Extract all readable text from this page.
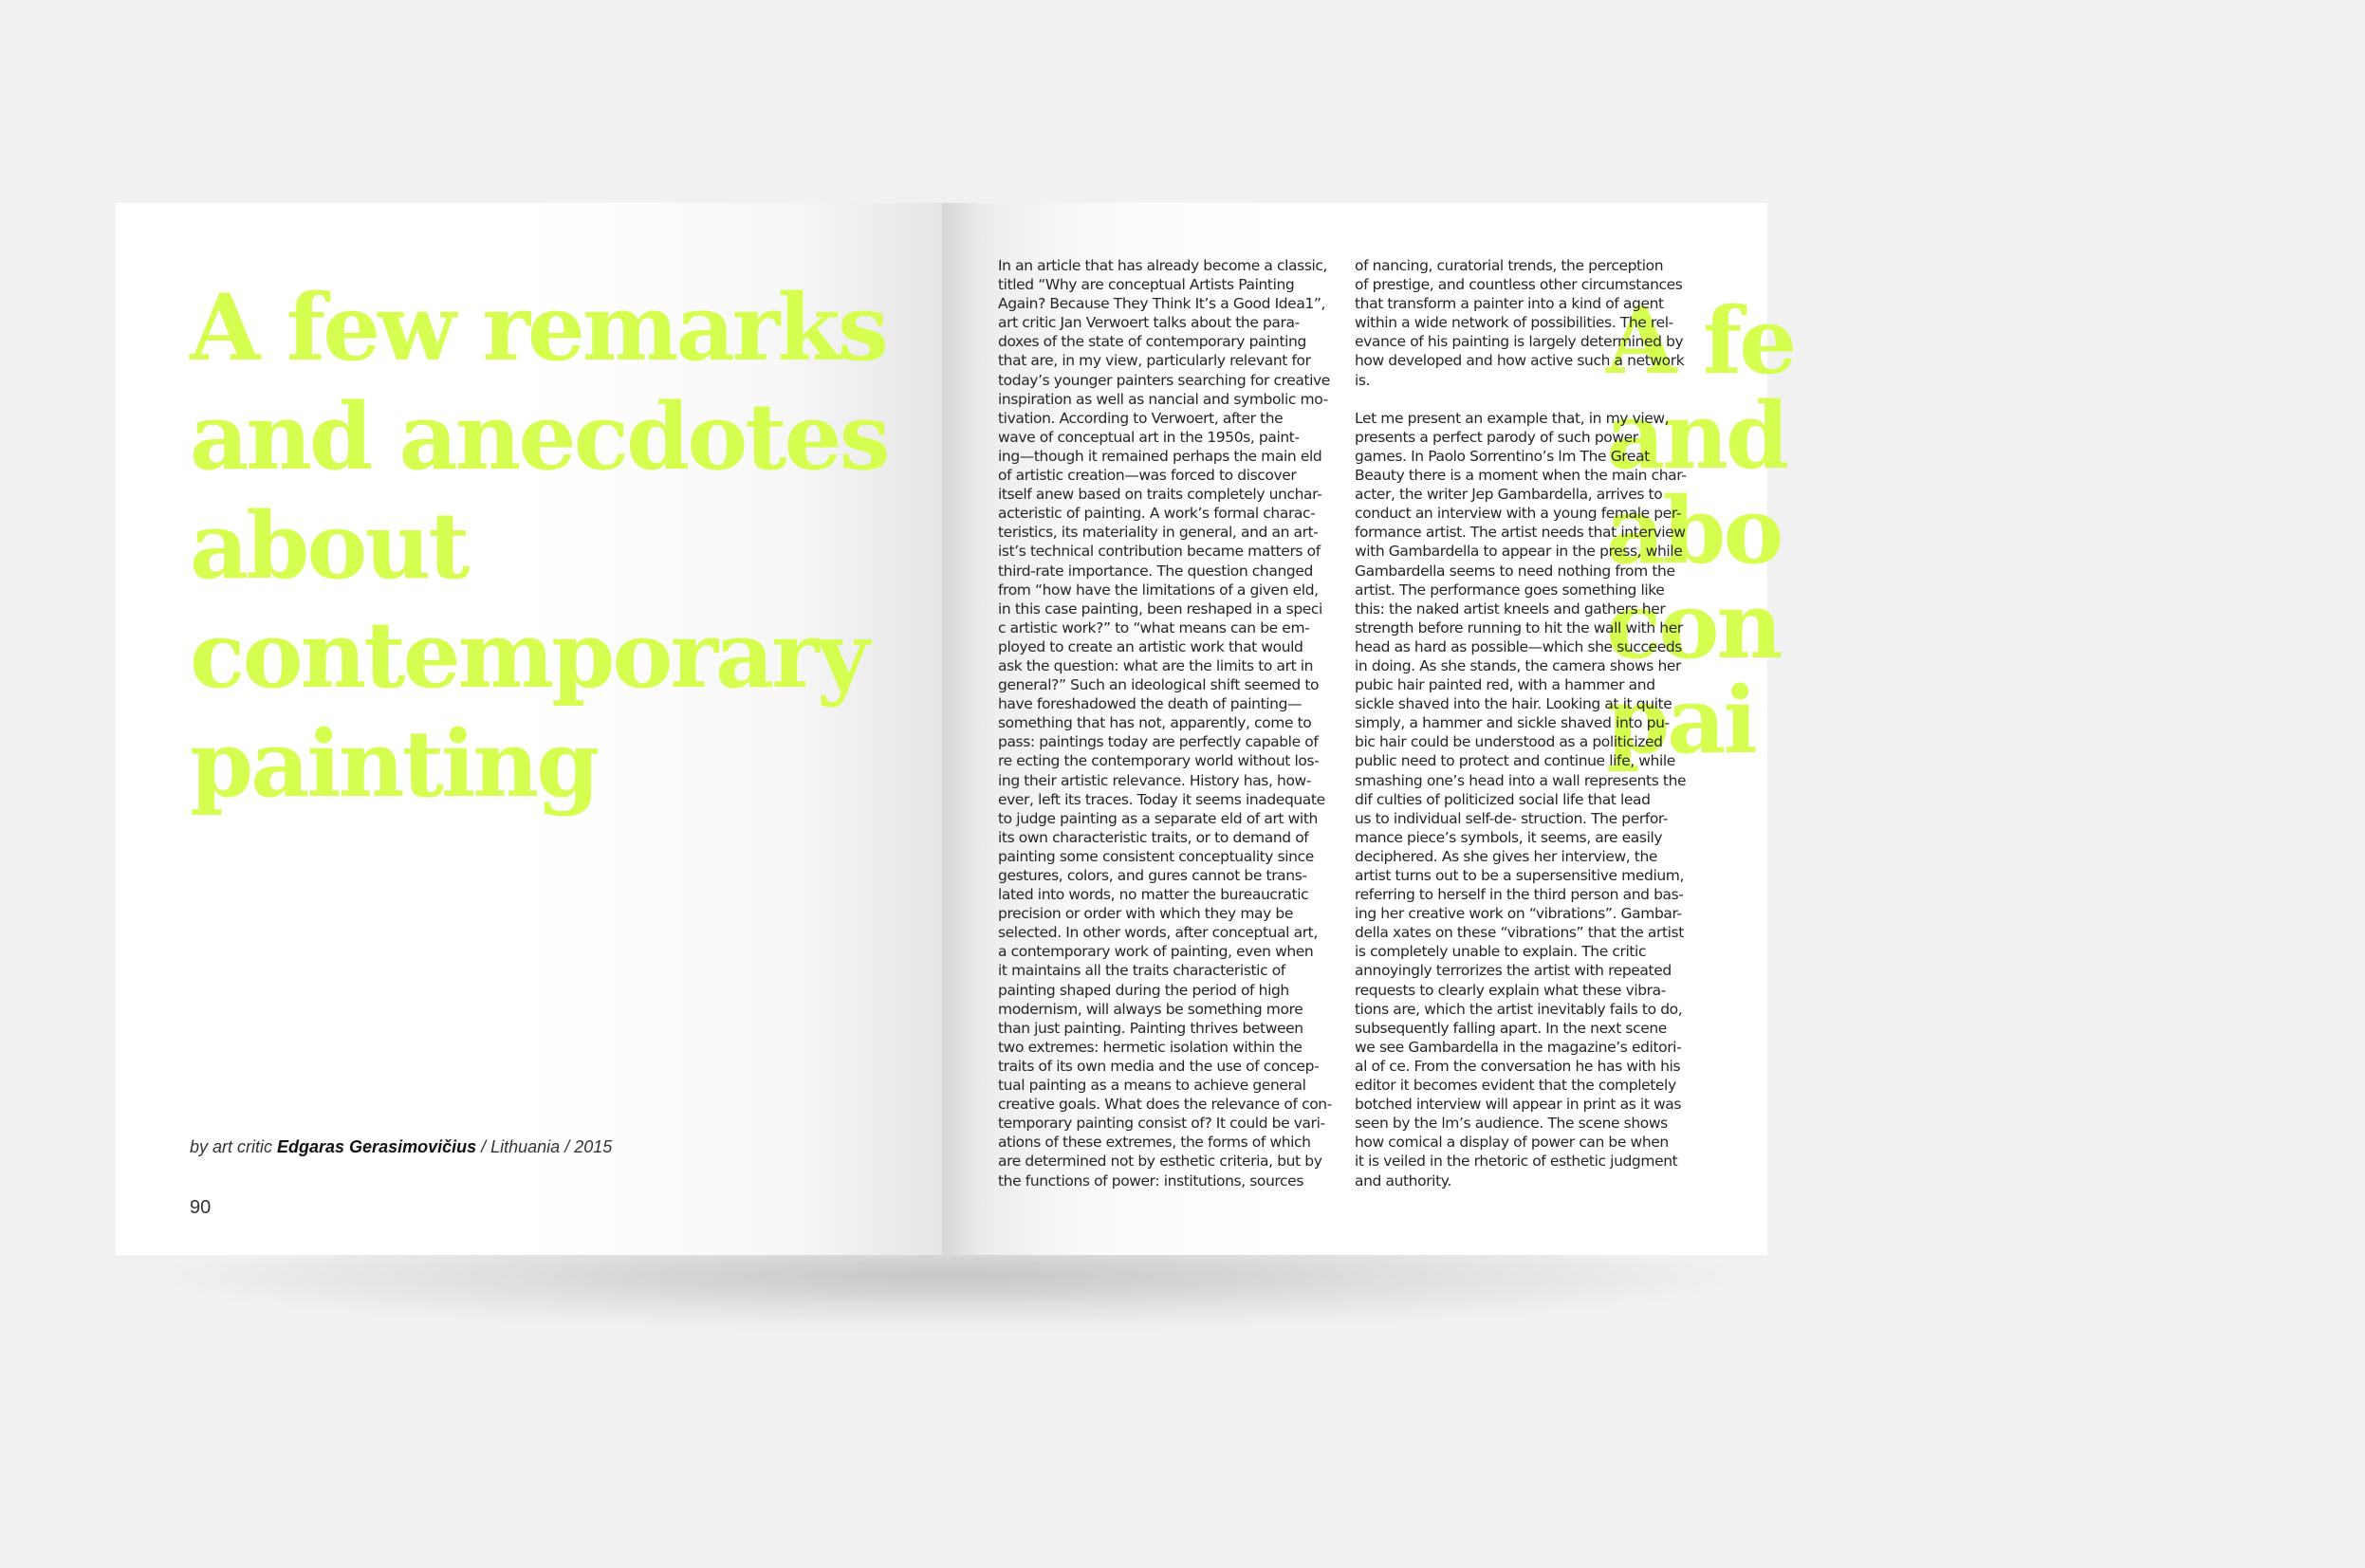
A few remarks
and anecdotes
about
contemporary
painting
by art critic Edgaras Gerasimovičius / Lithuania / 2015
90
A fe
and
abo
con
pai

In an article that has already become a classic,
titled “Why are conceptual Artists Painting
Again? Because They Think It’s a Good Idea1”,
art critic Jan Verwoert talks about the para-
doxes of the state of contemporary painting
that are, in my view, particularly relevant for
today’s younger painters searching for creative
inspiration as well as nancial and symbolic mo-
tivation. According to Verwoert, after the
wave of conceptual art in the 1950s, paint-
ing—though it remained perhaps the main eld
of artistic creation—was forced to discover
itself anew based on traits completely unchar-
acteristic of painting. A work’s formal charac-
teristics, its materiality in general, and an art-
ist’s technical contribution became matters of
third-rate importance. The question changed
from “how have the limitations of a given eld,
in this case painting, been reshaped in a speci
c artistic work?” to “what means can be em-
ployed to create an artistic work that would
ask the question: what are the limits to art in
general?” Such an ideological shift seemed to
have foreshadowed the death of painting—
something that has not, apparently, come to
pass: paintings today are perfectly capable of
re ecting the contemporary world without los-
ing their artistic relevance. History has, how-
ever, left its traces. Today it seems inadequate
to judge painting as a separate eld of art with
its own characteristic traits, or to demand of
painting some consistent conceptuality since
gestures, colors, and gures cannot be trans-
lated into words, no matter the bureaucratic
precision or order with which they may be
selected. In other words, after conceptual art,
a contemporary work of painting, even when
it maintains all the traits characteristic of
painting shaped during the period of high
modernism, will always be something more
than just painting. Painting thrives between
two extremes: hermetic isolation within the
traits of its own media and the use of concep-
tual painting as a means to achieve general
creative goals. What does the relevance of con-
temporary painting consist of? It could be vari-
ations of these extremes, the forms of which
are determined not by esthetic criteria, but by
the functions of power: institutions, sources

of nancing, curatorial trends, the perception
of prestige, and countless other circumstances
that transform a painter into a kind of agent
within a wide network of possibilities. The rel-
evance of his painting is largely determined by
how developed and how active such a network
is.

Let me present an example that, in my view,
presents a perfect parody of such power
games. In Paolo Sorrentino’s lm The Great
Beauty there is a moment when the main char-
acter, the writer Jep Gambardella, arrives to
conduct an interview with a young female per-
formance artist. The artist needs that interview
with Gambardella to appear in the press, while
Gambardella seems to need nothing from the
artist. The performance goes something like
this: the naked artist kneels and gathers her
strength before running to hit the wall with her
head as hard as possible—which she succeeds
in doing. As she stands, the camera shows her
pubic hair painted red, with a hammer and
sickle shaved into the hair. Looking at it quite
simply, a hammer and sickle shaved into pu-
bic hair could be understood as a politicized
public need to protect and continue life, while
smashing one’s head into a wall represents the
dif culties of politicized social life that lead
us to individual self-de- struction. The perfor-
mance piece’s symbols, it seems, are easily
deciphered. As she gives her interview, the
artist turns out to be a supersensitive medium,
referring to herself in the third person and bas-
ing her creative work on “vibrations”. Gambar-
della xates on these “vibrations” that the artist
is completely unable to explain. The critic
annoyingly terrorizes the artist with repeated
requests to clearly explain what these vibra-
tions are, which the artist inevitably fails to do,
subsequently falling apart. In the next scene
we see Gambardella in the magazine’s editori-
al of ce. From the conversation he has with his
editor it becomes evident that the completely
botched interview will appear in print as it was
seen by the lm’s audience. The scene shows
how comical a display of power can be when
it is veiled in the rhetoric of esthetic judgment
and authority.
